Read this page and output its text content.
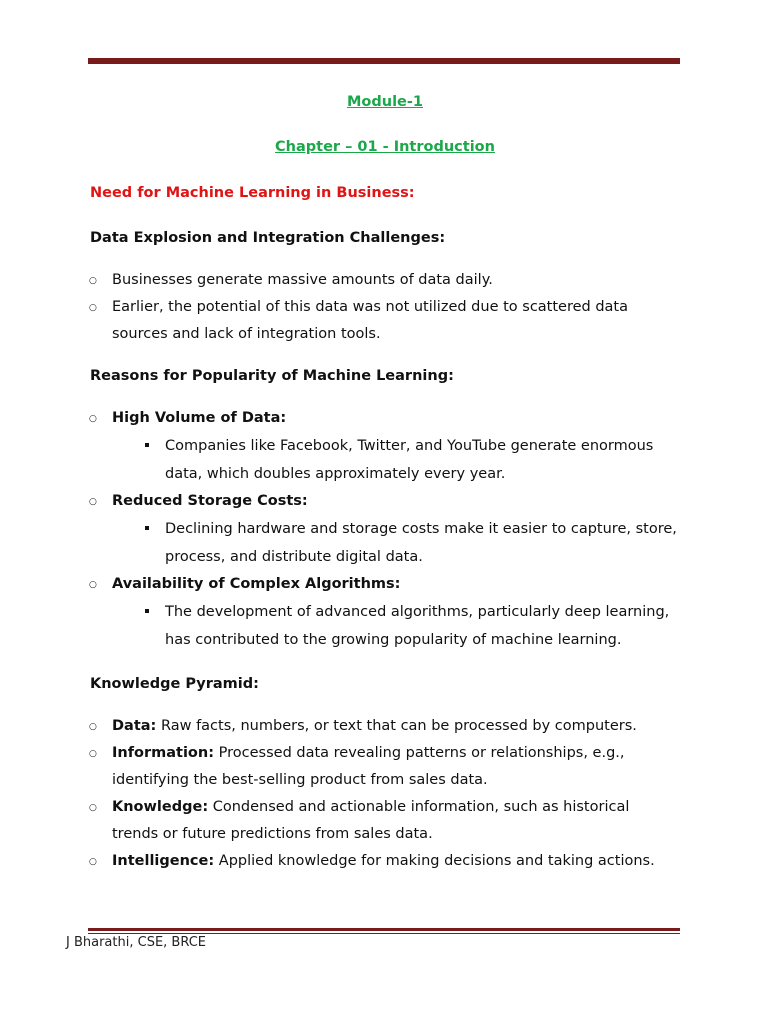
Module-1

Chapter – 01 - Introduction

Need for Machine Learning in Business:

Data Explosion and Integration Challenges:

○ Businesses generate massive amounts of data daily.
○ Earlier, the potential of this data was not utilized due to scattered data sources and lack of integration tools.

Reasons for Popularity of Machine Learning:

○ High Volume of Data:
Companies like Facebook, Twitter, and YouTube generate enormous data, which doubles approximately every year.
○ Reduced Storage Costs:
Declining hardware and storage costs make it easier to capture, store, process, and distribute digital data.
○ Availability of Complex Algorithms:
The development of advanced algorithms, particularly deep learning, has contributed to the growing popularity of machine learning.

Knowledge Pyramid:

○ Data: Raw facts, numbers, or text that can be processed by computers.
○ Information: Processed data revealing patterns or relationships, e.g., identifying the best-selling product from sales data.
○ Knowledge: Condensed and actionable information, such as historical trends or future predictions from sales data.
○ Intelligence: Applied knowledge for making decisions and taking actions.
J Bharathi, CSE, BRCE
